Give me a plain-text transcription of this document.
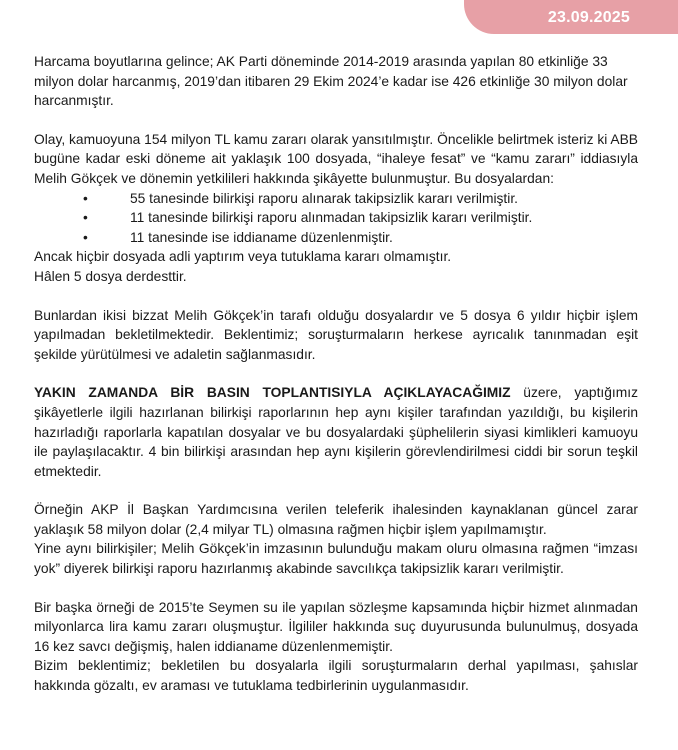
23.09.2025

Harcama boyutlarına gelince; AK Parti döneminde 2014-2019 arasında yapılan 80 etkinliğe 33 milyon dolar harcanmış, 2019’dan itibaren 29 Ekim 2024’e kadar ise 426 etkinliğe 30 milyon dolar harcanmıştır.

Olay, kamuoyuna 154 milyon TL kamu zararı olarak yansıtılmıştır. Öncelikle belirtmek isteriz ki ABB bugüne kadar eski döneme ait yaklaşık 100 dosyada, “ihaleye fesat” ve “kamu zararı” iddiasıyla Melih Gökçek ve dönemin yetkilileri hakkında şikâyette bulunmuştur. Bu dosyalardan:

• 55 tanesinde bilirkişi raporu alınarak takipsizlik kararı verilmiştir.
• 11 tanesinde bilirkişi raporu alınmadan takipsizlik kararı verilmiştir.
• 11 tanesinde ise iddianame düzenlenmiştir.

Ancak hiçbir dosyada adli yaptırım veya tutuklama kararı olmamıştır.

Hâlen 5 dosya derdesttir.

Bunlardan ikisi bizzat Melih Gökçek’in tarafı olduğu dosyalardır ve 5 dosya 6 yıldır hiçbir işlem yapılmadan bekletilmektedir. Beklentimiz; soruşturmaların herkese ayrıcalık tanınmadan eşit şekilde yürütülmesi ve adaletin sağlanmasıdır.

YAKIN ZAMANDA BİR BASIN TOPLANTISIYLA AÇIKLAYACAĞIMIZ üzere, yaptığımız şikâyetlerle ilgili hazırlanan bilirkişi raporlarının hep aynı kişiler tarafından yazıldığı, bu kişilerin hazırladığı raporlarla kapatılan dosyalar ve bu dosyalardaki şüphelilerin siyasi kimlikleri kamuoyu ile paylaşılacaktır. 4 bin bilirkişi arasından hep aynı kişilerin görevlendirilmesi ciddi bir sorun teşkil etmektedir.

Örneğin AKP İl Başkan Yardımcısına verilen teleferik ihalesinden kaynaklanan güncel zarar yaklaşık 58 milyon dolar (2,4 milyar TL) olmasına rağmen hiçbir işlem yapılmamıştır.

Yine aynı bilirkişiler; Melih Gökçek’in imzasının bulunduğu makam oluru olmasına rağmen “imzası yok” diyerek bilirkişi raporu hazırlanmış akabinde savcılıkça takipsizlik kararı verilmiştir.

Bir başka örneği de 2015’te Seymen su ile yapılan sözleşme kapsamında hiçbir hizmet alınmadan milyonlarca lira kamu zararı oluşmuştur. İlgililer hakkında suç duyurusunda bulunulmuş, dosyada 16 kez savcı değişmiş, halen iddianame düzenlenmemiştir.

Bizim beklentimiz; bekletilen bu dosyalarla ilgili soruşturmaların derhal yapılması, şahıslar hakkında gözaltı, ev araması ve tutuklama tedbirlerinin uygulanmasıdır.
